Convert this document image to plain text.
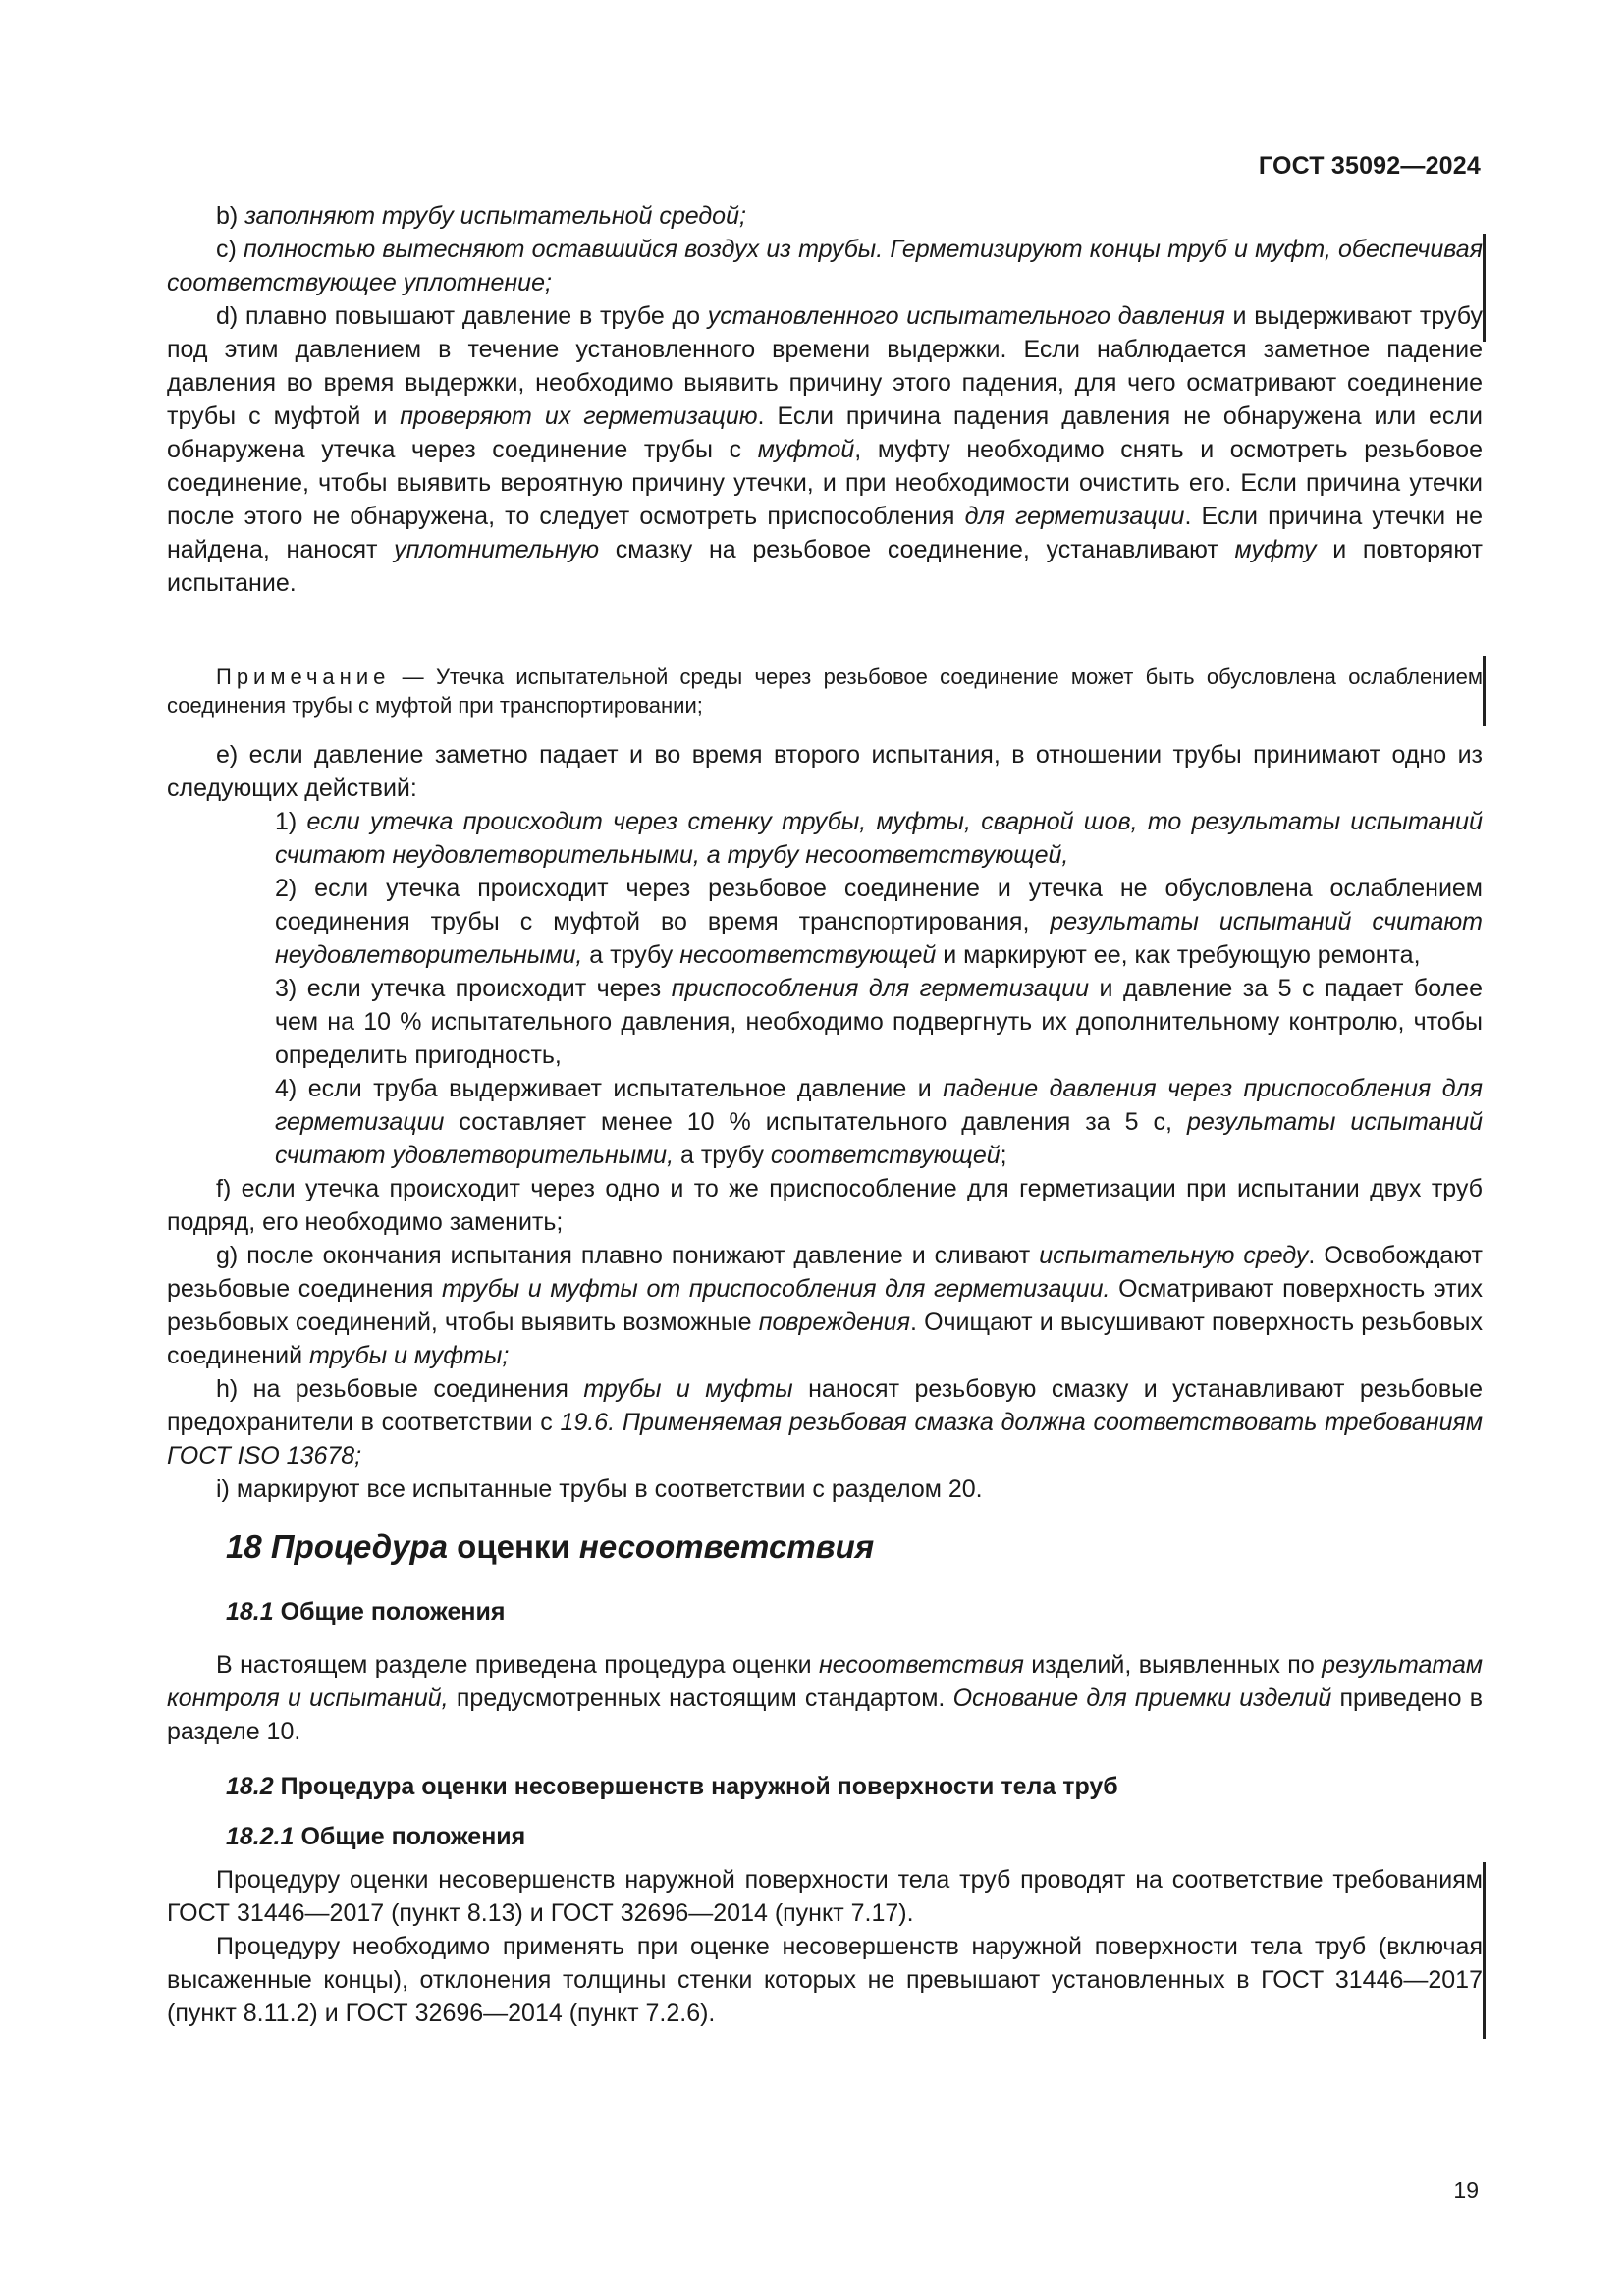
ГОСТ 35092—2024

b) заполняют трубу испытательной средой;

c) полностью вытесняют оставшийся воздух из трубы. Герметизируют концы труб и муфт, обеспечивая соответствующее уплотнение;

d) плавно повышают давление в трубе до установленного испытательного давления и выдерживают трубу под этим давлением в течение установленного времени выдержки. Если наблюдается заметное падение давления во время выдержки, необходимо выявить причину этого падения, для чего осматривают соединение трубы с муфтой и проверяют их герметизацию. Если причина падения давления не обнаружена или если обнаружена утечка через соединение трубы с муфтой, муфту необходимо снять и осмотреть резьбовое соединение, чтобы выявить вероятную причину утечки, и при необходимости очистить его. Если причина утечки после этого не обнаружена, то следует осмотреть приспособления для герметизации. Если причина утечки не найдена, наносят уплотнительную смазку на резьбовое соединение, устанавливают муфту и повторяют испытание.

Примечание — Утечка испытательной среды через резьбовое соединение может быть обусловлена ослаблением соединения трубы с муфтой при транспортировании;

e) если давление заметно падает и во время второго испытания, в отношении трубы принимают одно из следующих действий:

1) если утечка происходит через стенку трубы, муфты, сварной шов, то результаты испытаний считают неудовлетворительными, а трубу несоответствующей,

2) если утечка происходит через резьбовое соединение и утечка не обусловлена ослаблением соединения трубы с муфтой во время транспортирования, результаты испытаний считают неудовлетворительными, а трубу несоответствующей и маркируют ее, как требующую ремонта,

3) если утечка происходит через приспособления для герметизации и давление за 5 с падает более чем на 10 % испытательного давления, необходимо подвергнуть их дополнительному контролю, чтобы определить пригодность,

4) если труба выдерживает испытательное давление и падение давления через приспособления для герметизации составляет менее 10 % испытательного давления за 5 с, результаты испытаний считают удовлетворительными, а трубу соответствующей;

f) если утечка происходит через одно и то же приспособление для герметизации при испытании двух труб подряд, его необходимо заменить;

g) после окончания испытания плавно понижают давление и сливают испытательную среду. Освобождают резьбовые соединения трубы и муфты от приспособления для герметизации. Осматривают поверхность этих резьбовых соединений, чтобы выявить возможные повреждения. Очищают и высушивают поверхность резьбовых соединений трубы и муфты;

h) на резьбовые соединения трубы и муфты наносят резьбовую смазку и устанавливают резьбовые предохранители в соответствии с 19.6. Применяемая резьбовая смазка должна соответствовать требованиям ГОСТ ISO 13678;

i) маркируют все испытанные трубы в соответствии с разделом 20.

18 Процедура оценки несоответствия
18.1 Общие положения

В настоящем разделе приведена процедура оценки несоответствия изделий, выявленных по результатам контроля и испытаний, предусмотренных настоящим стандартом. Основание для приемки изделий приведено в разделе 10.

18.2 Процедура оценки несовершенств наружной поверхности тела труб
18.2.1 Общие положения

Процедуру оценки несовершенств наружной поверхности тела труб проводят на соответствие требованиям ГОСТ 31446—2017 (пункт 8.13) и ГОСТ 32696—2014 (пункт 7.17).

Процедуру необходимо применять при оценке несовершенств наружной поверхности тела труб (включая высаженные концы), отклонения толщины стенки которых не превышают установленных в ГОСТ 31446—2017 (пункт 8.11.2) и ГОСТ 32696—2014 (пункт 7.2.6).

19
